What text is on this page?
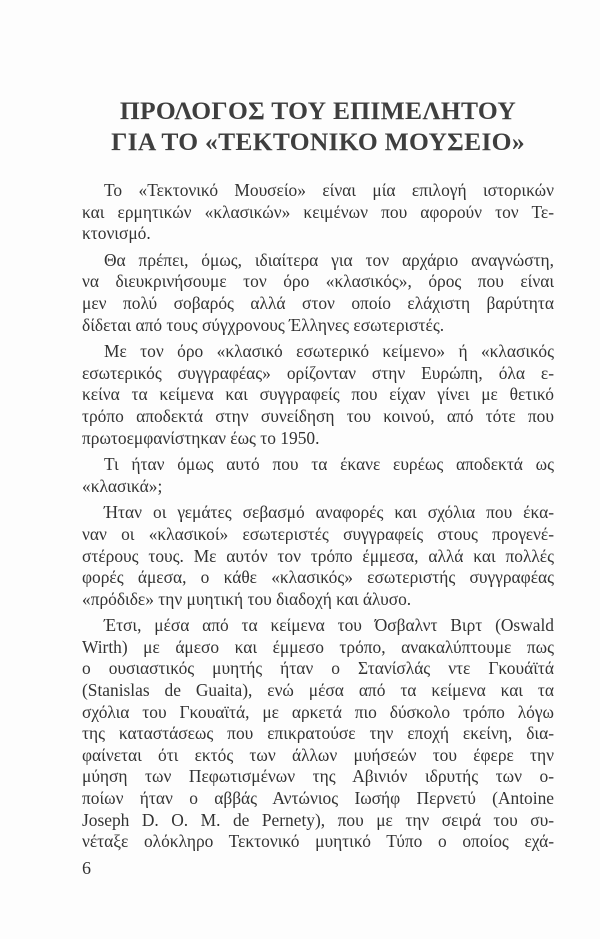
ΠΡΟΛΟΓΟΣ ΤΟΥ ΕΠΙΜΕΛΗΤΟΥ
ΓΙΑ ΤΟ «ΤΕΚΤΟΝΙΚΟ ΜΟΥΣΕΙΟ»
Το «Τεκτονικό Μουσείο» είναι μία επιλογή ιστορικών
και ερμητικών «κλασικών» κειμένων που αφορούν τον Τε-
κτονισμό.
Θα πρέπει, όμως, ιδιαίτερα για τον αρχάριο αναγνώστη,
να διευκρινήσουμε τον όρο «κλασικός», όρος που είναι
μεν πολύ σοβαρός αλλά στον οποίο ελάχιστη βαρύτητα
δίδεται από τους σύγχρονους Έλληνες εσωτεριστές.
Με τον όρο «κλασικό εσωτερικό κείμενο» ή «κλασικός
εσωτερικός συγγραφέας» ορίζονταν στην Ευρώπη, όλα ε-
κείνα τα κείμενα και συγγραφείς που είχαν γίνει με θετικό
τρόπο αποδεκτά στην συνείδηση του κοινού, από τότε που
πρωτοεμφανίστηκαν έως το 1950.
Τι ήταν όμως αυτό που τα έκανε ευρέως αποδεκτά ως
«κλασικά»;
Ήταν οι γεμάτες σεβασμό αναφορές και σχόλια που έκα-
ναν οι «κλασικοί» εσωτεριστές συγγραφείς στους προγενέ-
στέρους τους. Με αυτόν τον τρόπο έμμεσα, αλλά και πολλές
φορές άμεσα, ο κάθε «κλασικός» εσωτεριστής συγγραφέας
«πρόδιδε» την μυητική του διαδοχή και άλυσο.
Έτσι, μέσα από τα κείμενα του Όσβαλντ Βιρτ (Oswald
Wirth) με άμεσο και έμμεσο τρόπο, ανακαλύπτουμε πως
ο ουσιαστικός μυητής ήταν ο Στανίσλάς ντε Γκουάϊτά
(Stanislas de Guaita), ενώ μέσα από τα κείμενα και τα
σχόλια του Γκουαϊτά, με αρκετά πιο δύσκολο τρόπο λόγω
της καταστάσεως που επικρατούσε την εποχή εκείνη, δια-
φαίνεται ότι εκτός των άλλων μυήσεών του έφερε την
μύηση των Πεφωτισμένων της Αβινιόν ιδρυτής των ο-
ποίων ήταν ο αββάς Αντώνιος Ιωσήφ Περνετύ (Antoine
Joseph D. O. M. de Pernety), που με την σειρά του συ-
νέταξε ολόκληρο Τεκτονικό μυητικό Τύπο ο οποίος εχά-
6
